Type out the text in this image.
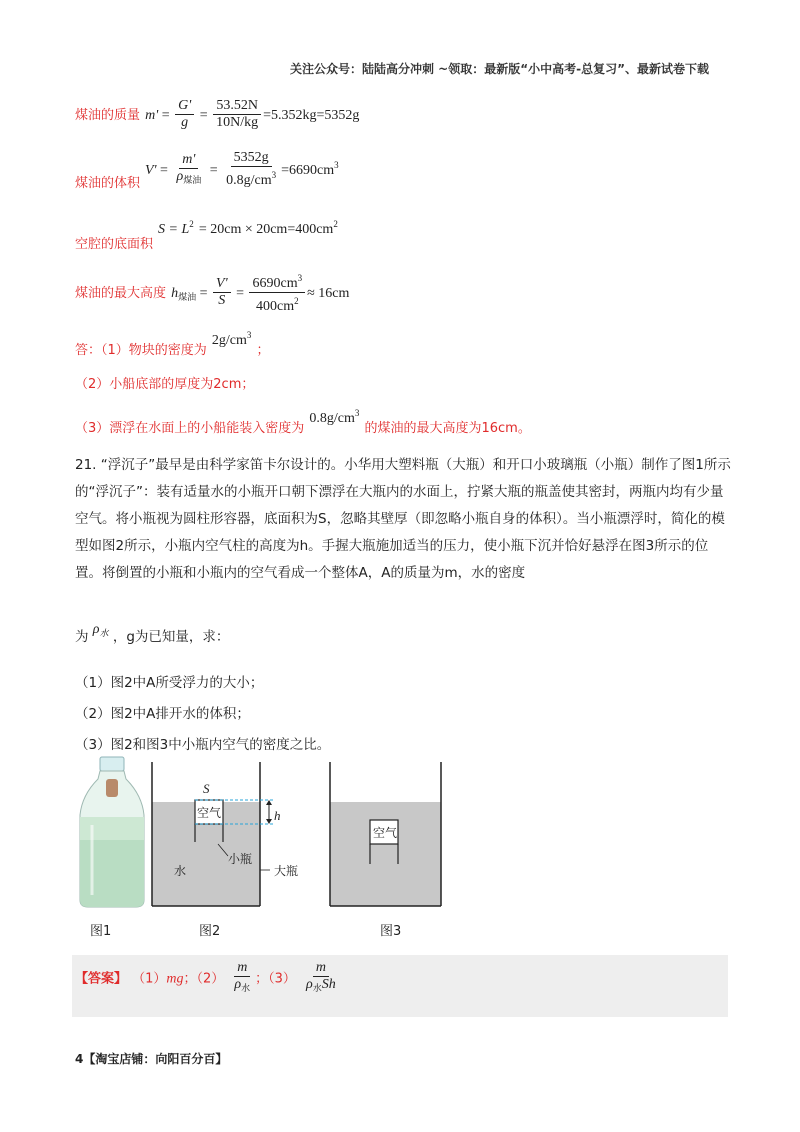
关注公众号：陆陆高分冲刺 ~领取：最新版“小中高考-总复习”、最新试卷下载
煤油的质量 $m' = \frac{G'}{g} = \frac{53.52N}{10N/kg} =5.352kg=5352g$
$V' = \frac{m'}{\rho_{煤油}} = \frac{5352g}{0.8g/cm^3} =6690cm^3$
煤油的体积
$S = L^2 = 20cm \times 20cm=400cm^2$
空腔的底面积
煤油的最大高度 $h_{煤油} = \frac{V'}{S} = \frac{6690cm^3}{400cm^2} \approx 16cm$
答：（1）物块的密度为 $2g/cm^3$ ；
（2）小船底部的厚度为2cm；
（3）漂浮在水面上的小船能装入密度为 $0.8g/cm^3$ 的煤油的最大高度为16cm。
21. “浮沉子”最早是由科学家笛卡尔设计的。小华用大塑料瓶（大瓶）和开口小玻璃瓶（小瓶）制作了图1所示的“浮沉子”：装有适量水的小瓶开口朝下漂浮在大瓶内的水面上，拧紧大瓶的瓶盖使其密封，两瓶内均有少量空气。将小瓶视为圆柱形容器，底面积为S，忽略其壁厚（即忽略小瓶自身的体积）。当小瓶漂浮时，简化的模型如图2所示，小瓶内空气柱的高度为h。手握大瓶施加适当的压力，使小瓶下沉并恰好悬浮在图3所示的位置。将倒置的小瓶和小瓶内的空气看成一个整体A，A的质量为m，水的密度
为 $\rho_水$ ，g为已知量，求：
（1）图2中A所受浮力的大小；
（2）图2中A排开水的体积；
（3）图2和图3中小瓶内空气的密度之比。
S
空气	h
小瓶
水	大瓶
空气
图1	图2	图3
【答案】 （1）mg；$(2) \frac{m}{\rho_水}$ ；$(3) \frac{m}{\rho_水Sh}$
4【淘宝店铺：向阳百分百】
